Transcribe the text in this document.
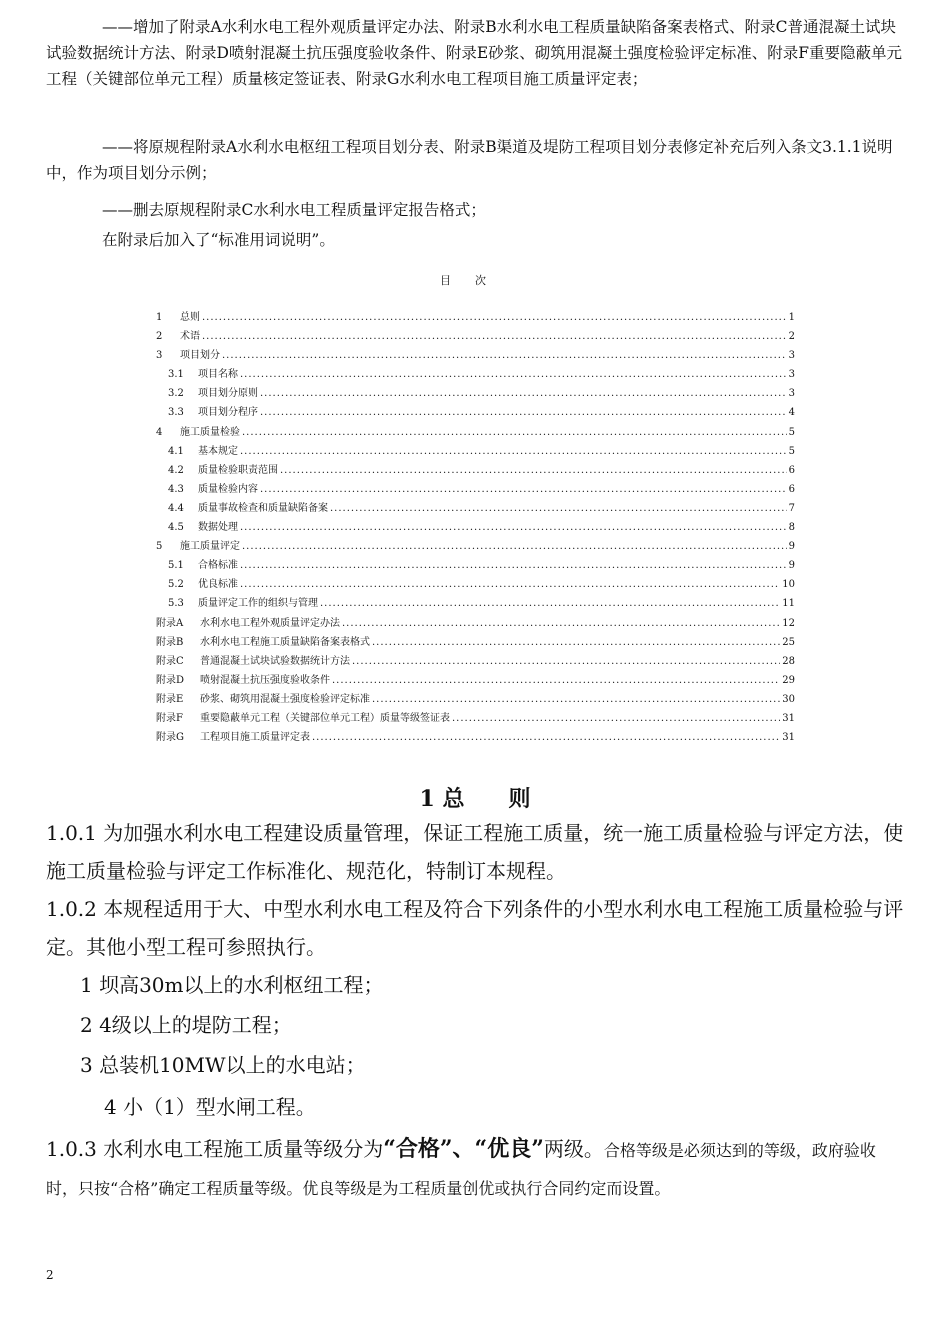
——增加了附录A水利水电工程外观质量评定办法、附录B水利水电工程质量缺陷备案表格式、附录C普通混凝土试块试验数据统计方法、附录D喷射混凝土抗压强度验收条件、附录E砂浆、砌筑用混凝土强度检验评定标准、附录F重要隐蔽单元工程（关键部位单元工程）质量核定签证表、附录G水利水电工程项目施工质量评定表；
——将原规程附录A水利水电枢纽工程项目划分表、附录B渠道及堤防工程项目划分表修定补充后列入条文3.1.1说明中，作为项目划分示例；
——删去原规程附录C水利水电工程质量评定报告格式；
在附录后加入了“标准用词说明”。
目次
1	总则 .....	1
2	术语 .....	2
3	项目划分 .....	3
3.1	项目名称 .....	3
3.2	项目划分原则 .....	3
3.3	项目划分程序 .....	4
4	施工质量检验 .....	5
4.1	基本规定 .....	5
4.2	质量检验职责范围 .....	6
4.3	质量检验内容 .....	6
4.4	质量事故检查和质量缺陷备案 .....	7
4.5	数据处理 .....	8
5	施工质量评定 .....	9
5.1	合格标准 .....	9
5.2	优良标准 .....	10
5.3	质量评定工作的组织与管理 .....	11
附录A	水利水电工程外观质量评定办法 .....	12
附录B	水利水电工程施工质量缺陷备案表格式 .....	25
附录C	普通混凝土试块试验数据统计方法 .....	28
附录D	喷射混凝土抗压强度验收条件 .....	29
附录E	砂浆、砌筑用混凝土强度检验评定标准 .....	30
附录F	重要隐蔽单元工程（关键部位单元工程）质量等级签证表 .....	31
附录G	工程项目施工质量评定表 .....	31
1 总　　则
1.0.1 为加强水利水电工程建设质量管理，保证工程施工质量，统一施工质量检验与评定方法，使施工质量检验与评定工作标准化、规范化，特制订本规程。
1.0.2 本规程适用于大、中型水利水电工程及符合下列条件的小型水利水电工程施工质量检验与评定。其他小型工程可参照执行。
1 坝高30m以上的水利枢纽工程；
2 4级以上的堤防工程；
3 总装机10MW以上的水电站；
4 小（1）型水闸工程。
1.0.3 水利水电工程施工质量等级分为“合格”、“优良”两级。合格等级是必须达到的等级，政府验收时，只按“合格”确定工程质量等级。优良等级是为工程质量创优或执行合同约定而设置。
2
